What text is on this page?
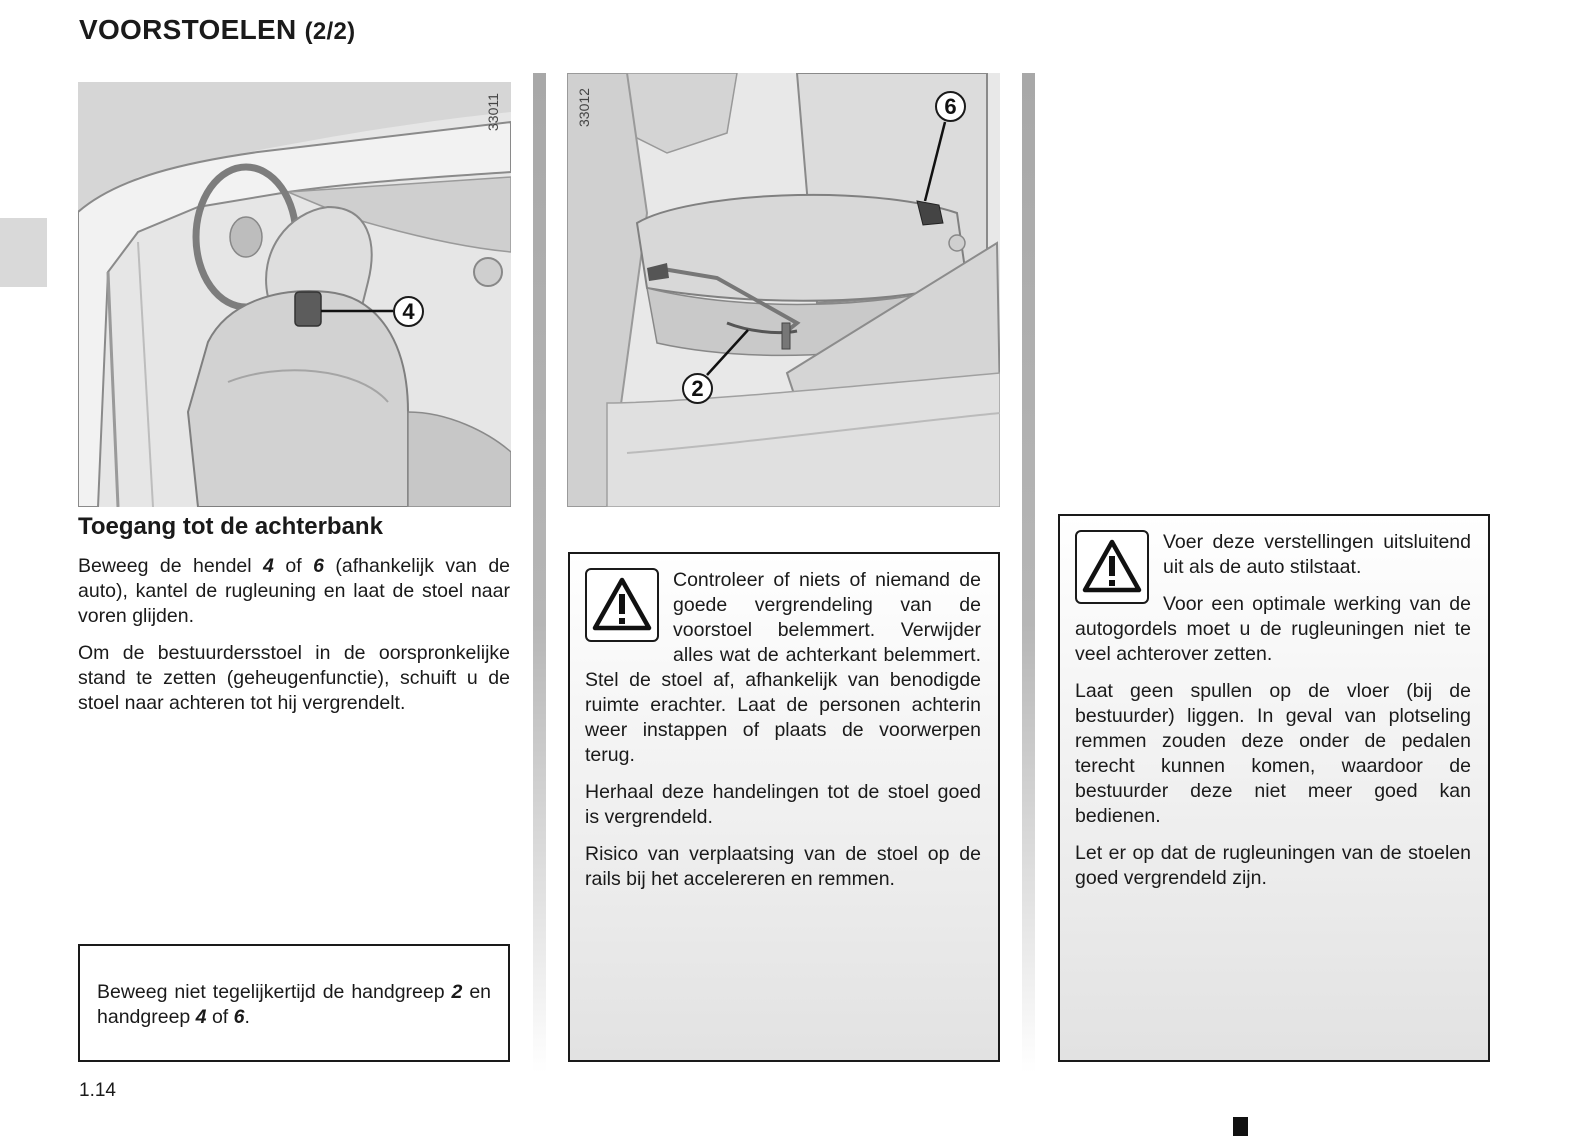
VOORSTOELEN (2/2)
33011
4
33012	6
2
Toegang tot de achterbank

Beweeg de hendel 4 of 6 (afhankelijk van de auto), kantel de rugleuning en laat de stoel naar voren glijden.

Om de bestuurdersstoel in de oorspronkelijke stand te zetten (geheugenfunctie), schuift u de stoel naar achteren tot hij vergrendelt.

Beweeg niet tegelijkertijd de handgreep 2 en handgreep 4 of 6.

Controleer of niets of niemand de goede vergrendeling van de voorstoel belemmert. Verwijder alles wat de achterkant belemmert. Stel de stoel af, afhankelijk van benodigde ruimte erachter. Laat de personen achterin weer instappen of plaats de voorwerpen terug.

Herhaal deze handelingen tot de stoel goed is vergrendeld.

Risico van verplaatsing van de stoel op de rails bij het accelereren en remmen.

Voer deze verstellingen uitsluitend uit als de auto stilstaat.

Voor een optimale werking van de autogordels moet u de rugleuningen niet te veel achterover zetten.

Laat geen spullen op de vloer (bij de bestuurder) liggen. In geval van plotseling remmen zouden deze onder de pedalen terecht kunnen komen, waardoor de bestuurder deze niet meer goed kan bedienen.

Let er op dat de rugleuningen van de stoelen goed vergrendeld zijn.

1.14
